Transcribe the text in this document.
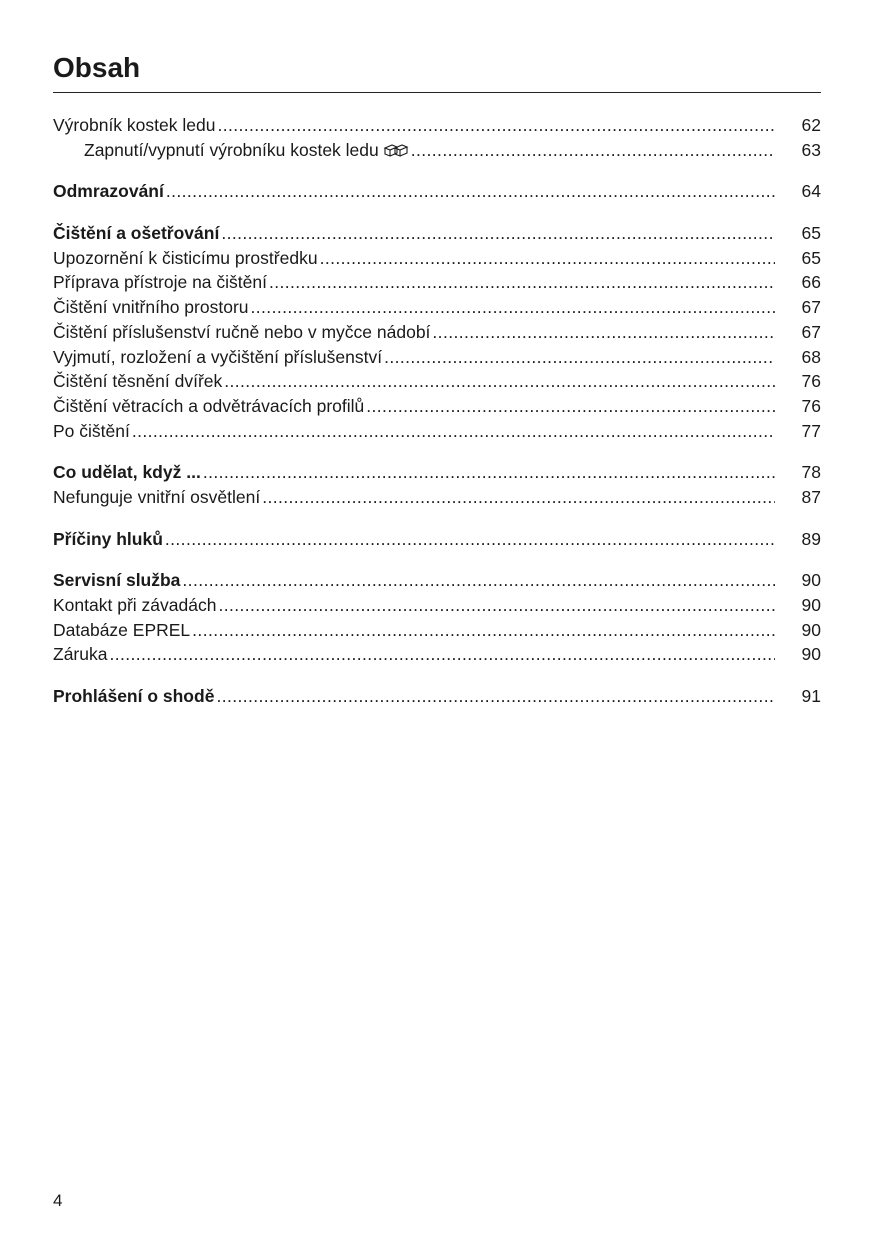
Obsah
Výrobník kostek ledu .....	62
Zapnutí/vypnutí výrobníku kostek ledu .....	63
Odmrazování .....	64
Čištění a ošetřování .....	65
Upozornění k čisticímu prostředku .....	65
Příprava přístroje na čištění .....	66
Čištění vnitřního prostoru .....	67
Čištění příslušenství ručně nebo v myčce nádobí .....	67
Vyjmutí, rozložení a vyčištění příslušenství .....	68
Čištění těsnění dvířek .....	76
Čištění větracích a odvětrávacích profilů .....	76
Po čištění .....	77
Co udělat, když ... .....	78
Nefunguje vnitřní osvětlení .....	87
Příčiny hluků .....	89
Servisní služba .....	90
Kontakt při závadách .....	90
Databáze EPREL .....	90
Záruka .....	90
Prohlášení o shodě .....	91
4
